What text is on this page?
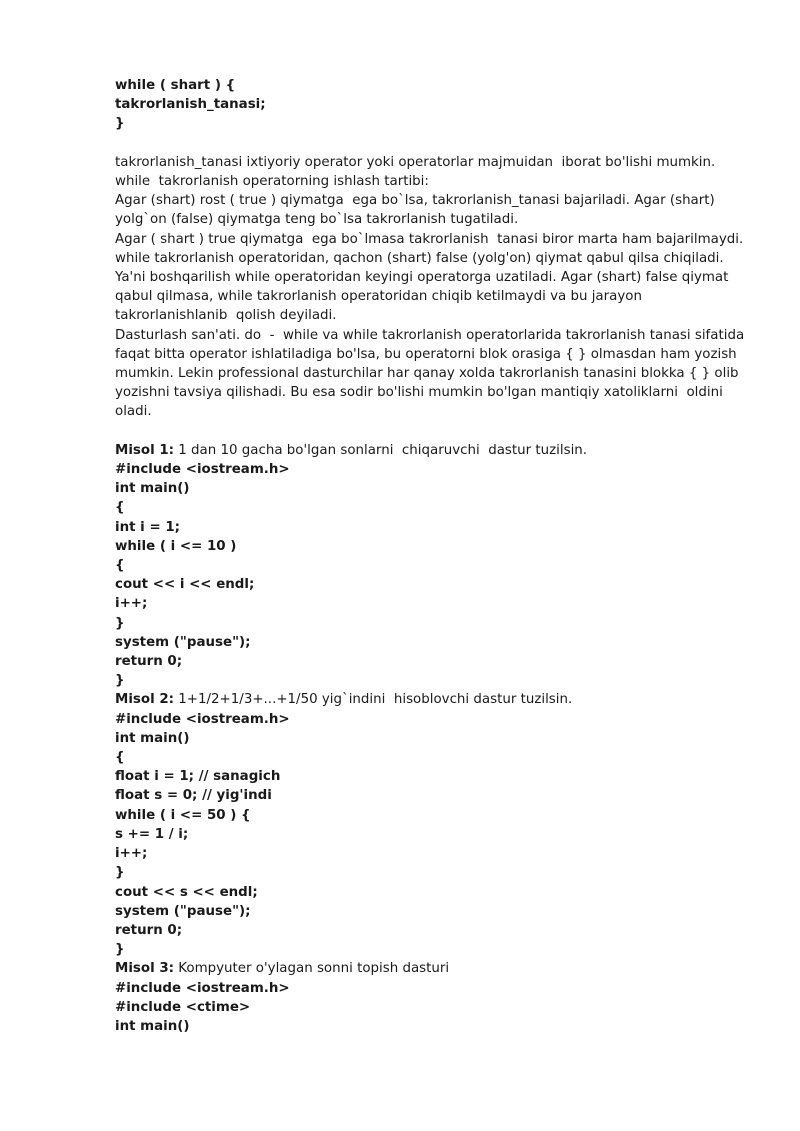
while ( shart ) {
takrorlanish_tanasi;
}
takrorlanish_tanasi ixtiyoriy operator yoki operatorlar majmuidan  iborat bo'lishi mumkin.
while  takrorlanish operatorning ishlash tartibi:
Agar (shart) rost ( true ) qiymatga  ega bo`lsa, takrorlanish_tanasi bajariladi. Agar (shart)
yolg`on (false) qiymatga teng bo`lsa takrorlanish tugatiladi.
Agar ( shart ) true qiymatga  ega bo`lmasa takrorlanish  tanasi biror marta ham bajarilmaydi.
while takrorlanish operatoridan, qachon (shart) false (yolg'on) qiymat qabul qilsa chiqiladi.
Ya'ni boshqarilish while operatoridan keyingi operatorga uzatiladi. Agar (shart) false qiymat
qabul qilmasa, while takrorlanish operatoridan chiqib ketilmaydi va bu jarayon
takrorlanishlanib  qolish deyiladi.
Dasturlash san'ati. do  -  while va while takrorlanish operatorlarida takrorlanish tanasi sifatida
faqat bitta operator ishlatiladiga bo'lsa, bu operatorni blok orasiga { } olmasdan ham yozish
mumkin. Lekin professional dasturchilar har qanay xolda takrorlanish tanasini blokka { } olib
yozishni tavsiya qilishadi. Bu esa sodir bo'lishi mumkin bo'lgan mantiqiy xatoliklarni  oldini
oladi.
Misol 1: 1 dan 10 gacha bo'lgan sonlarni  chiqaruvchi  dastur tuzilsin.
#include <iostream.h>
int main()
{
int i = 1;
while ( i <= 10 )
{
cout << i << endl;
i++;
}
system ("pause");
return 0;
}
Misol 2: 1+1/2+1/3+...+1/50 yig`indini  hisoblovchi dastur tuzilsin.
#include <iostream.h>
int main()
{
float i = 1; // sanagich
float s = 0; // yig'indi
while ( i <= 50 ) {
s += 1 / i;
i++;
}
cout << s << endl;
system ("pause");
return 0;
}
Misol 3: Kompyuter o'ylagan sonni topish dasturi
#include <iostream.h>
#include <ctime>
int main()
